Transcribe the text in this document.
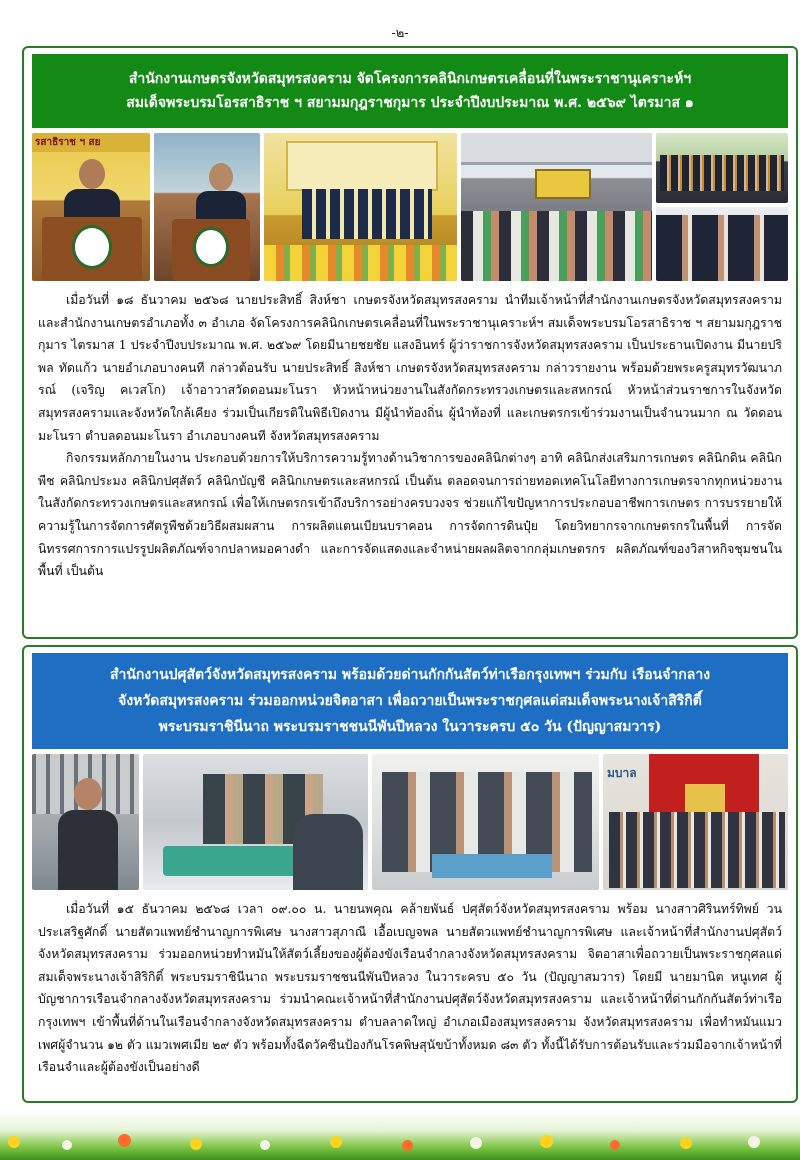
-๒-
สำนักงานเกษตรจังหวัดสมุทรสงคราม จัดโครงการคลินิกเกษตรเคลื่อนที่ในพระราชานุเคราะห์ฯ
สมเด็จพระบรมโอรสาธิราช ฯ สยามมกุฎราชกุมาร ประจำปีงบประมาณ พ.ศ. ๒๕๖๙ ไตรมาส ๑
รสาธิราช ฯ สย

เมื่อวันที่ ๑๘ ธันวาคม ๒๕๖๘ นายประสิทธิ์ สิงห์ชา เกษตรจังหวัดสมุทรสงคราม นำทีมเจ้าหน้าที่สำนักงานเกษตรจังหวัดสมุทรสงคราม และสำนักงานเกษตรอำเภอทั้ง ๓ อำเภอ จัดโครงการคลินิกเกษตรเคลื่อนที่ในพระราชานุเคราะห์ฯ สมเด็จพระบรมโอรสาธิราช ฯ สยามมกุฎราชกุมาร ไตรมาส 1 ประจำปีงบประมาณ พ.ศ. ๒๕๖๙ โดยมีนายชยชัย แสงอินทร์ ผู้ว่าราชการจังหวัดสมุทรสงคราม เป็นประธานเปิดงาน มีนายปริพล ทัดแก้ว นายอำเภอบางคนที กล่าวต้อนรับ นายประสิทธิ์ สิงห์ชา เกษตรจังหวัดสมุทรสงคราม กล่าวรายงาน พร้อมด้วยพระครูสมุทรวัฒนาภรณ์ (เจริญ คเวสโก) เจ้าอาวาสวัดดอนมะโนรา หัวหน้าหน่วยงานในสังกัดกระทรวงเกษตรและสหกรณ์ หัวหน้าส่วนราชการในจังหวัดสมุทรสงครามและจังหวัดใกล้เคียง ร่วมเป็นเกียรติในพิธีเปิดงาน มีผู้นำท้องถิ่น ผู้นำท้องที่ และเกษตรกรเข้าร่วมงานเป็นจำนวนมาก ณ วัดดอนมะโนรา ตำบลดอนมะโนรา อำเภอบางคนที จังหวัดสมุทรสงคราม

กิจกรรมหลักภายในงาน ประกอบด้วยการให้บริการความรู้ทางด้านวิชาการของคลินิกต่างๆ อาทิ คลินิกส่งเสริมการเกษตร คลินิกดิน คลินิกพืช คลินิกประมง คลินิกปศุสัตว์ คลินิกบัญชี คลินิกเกษตรและสหกรณ์ เป็นต้น ตลอดจนการถ่ายทอดเทคโนโลยีทางการเกษตรจากทุกหน่วยงานในสังกัดกระทรวงเกษตรและสหกรณ์ เพื่อให้เกษตรกรเข้าถึงบริการอย่างครบวงจร ช่วยแก้ไขปัญหาการประกอบอาชีพการเกษตร การบรรยายให้ความรู้ในการจัดการศัตรูพืชด้วยวิธีผสมผสาน การผลิตแตนเบียนบราคอน การจัดการดินปุ๋ย โดยวิทยากรจากเกษตรกรในพื้นที่ การจัดนิทรรศการการแปรรูปผลิตภัณฑ์จากปลาหมอคางดำ และการจัดแสดงและจำหน่ายผลผลิตจากกลุ่มเกษตรกร ผลิตภัณฑ์ของวิสาหกิจชุมชนในพื้นที่ เป็นต้น

สำนักงานปศุสัตว์จังหวัดสมุทรสงคราม พร้อมด้วยด่านกักกันสัตว์ท่าเรือกรุงเทพฯ ร่วมกับ เรือนจำกลาง
จังหวัดสมุทรสงคราม ร่วมออกหน่วยจิตอาสา เพื่อถวายเป็นพระราชกุศลแด่สมเด็จพระนางเจ้าสิริกิติ์
พระบรมราชินีนาถ พระบรมราชชนนีพันปีหลวง ในวาระครบ ๕๐ วัน (ปัญญาสมวาร)
มบาล

เมื่อวันที่ ๑๕ ธันวาคม ๒๕๖๘ เวลา ๐๙.๐๐ น. นายนพคุณ คล้ายพันธ์ ปศุสัตว์จังหวัดสมุทรสงคราม พร้อม นางสาวศิรินทร์ทิพย์ วนประเสริฐศักดิ์ นายสัตวแพทย์ชำนาญการพิเศษ นางสาวสุภาณี เอื้อเบญจพล นายสัตวแพทย์ชำนาญการพิเศษ และเจ้าหน้าที่สำนักงานปศุสัตว์จังหวัดสมุทรสงคราม ร่วมออกหน่วยทำหมันให้สัตว์เลี้ยงของผู้ต้องขังเรือนจำกลางจังหวัดสมุทรสงคราม จิตอาสาเพื่อถวายเป็นพระราชกุศลแด่สมเด็จพระนางเจ้าสิริกิติ์ พระบรมราชินีนาถ พระบรมราชชนนีพันปีหลวง ในวาระครบ ๕๐ วัน (ปัญญาสมวาร) โดยมี นายมานิต หนูเทศ ผู้บัญชาการเรือนจำกลางจังหวัดสมุทรสงคราม ร่วมนำคณะเจ้าหน้าที่สำนักงานปศุสัตว์จังหวัดสมุทรสงคราม และเจ้าหน้าที่ด่านกักกันสัตว์ท่าเรือกรุงเทพฯ เข้าพื้นที่ด้านในเรือนจำกลางจังหวัดสมุทรสงคราม ตำบลลาดใหญ่ อำเภอเมืองสมุทรสงคราม จังหวัดสมุทรสงคราม เพื่อทำหมันแมวเพศผู้จำนวน ๑๒ ตัว แมวเพศเมีย ๒๙ ตัว พร้อมทั้งฉีดวัคซีนป้องกันโรคพิษสุนัขบ้าทั้งหมด ๘๓ ตัว ทั้งนี้ได้รับการต้อนรับและร่วมมือจากเจ้าหน้าที่เรือนจำและผู้ต้องขังเป็นอย่างดี
